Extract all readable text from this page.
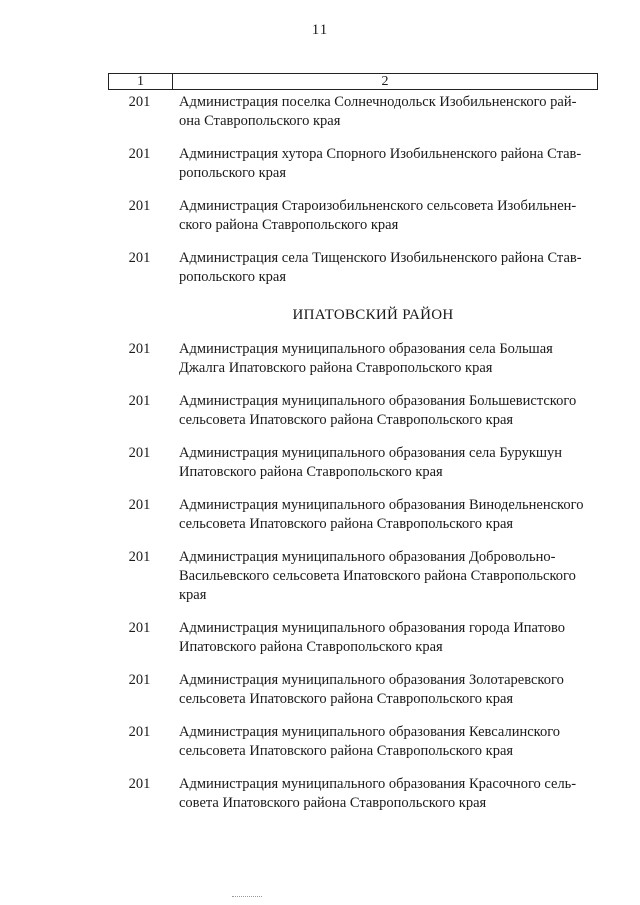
11
1	2
201	Администрация поселка Солнечнодольск Изобильненского рай-она Ставропольского края
201	Администрация хутора Спорного Изобильненского района Став-ропольского края
201	Администрация Староизобильненского сельсовета Изобильнен-ского района Ставропольского края
201	Администрация села Тищенского Изобильненского района Став-ропольского края
ИПАТОВСКИЙ РАЙОН
201	Администрация муниципального образования села Большая Джалга Ипатовского района Ставропольского края
201	Администрация муниципального образования Большевистского сельсовета Ипатовского района Ставропольского края
201	Администрация муниципального образования села Бурукшун Ипатовского района Ставропольского края
201	Администрация муниципального образования Винодельненского сельсовета Ипатовского района Ставропольского края
201	Администрация муниципального образования Добровольно-Васильевского сельсовета Ипатовского района Ставропольского края
201	Администрация муниципального образования города Ипатово Ипатовского района Ставропольского края
201	Администрация муниципального образования Золотаревского сельсовета Ипатовского района Ставропольского края
201	Администрация муниципального образования Кевсалинского сельсовета Ипатовского района Ставропольского края
201	Администрация муниципального образования Красочного сель-совета Ипатовского района Ставропольского края
